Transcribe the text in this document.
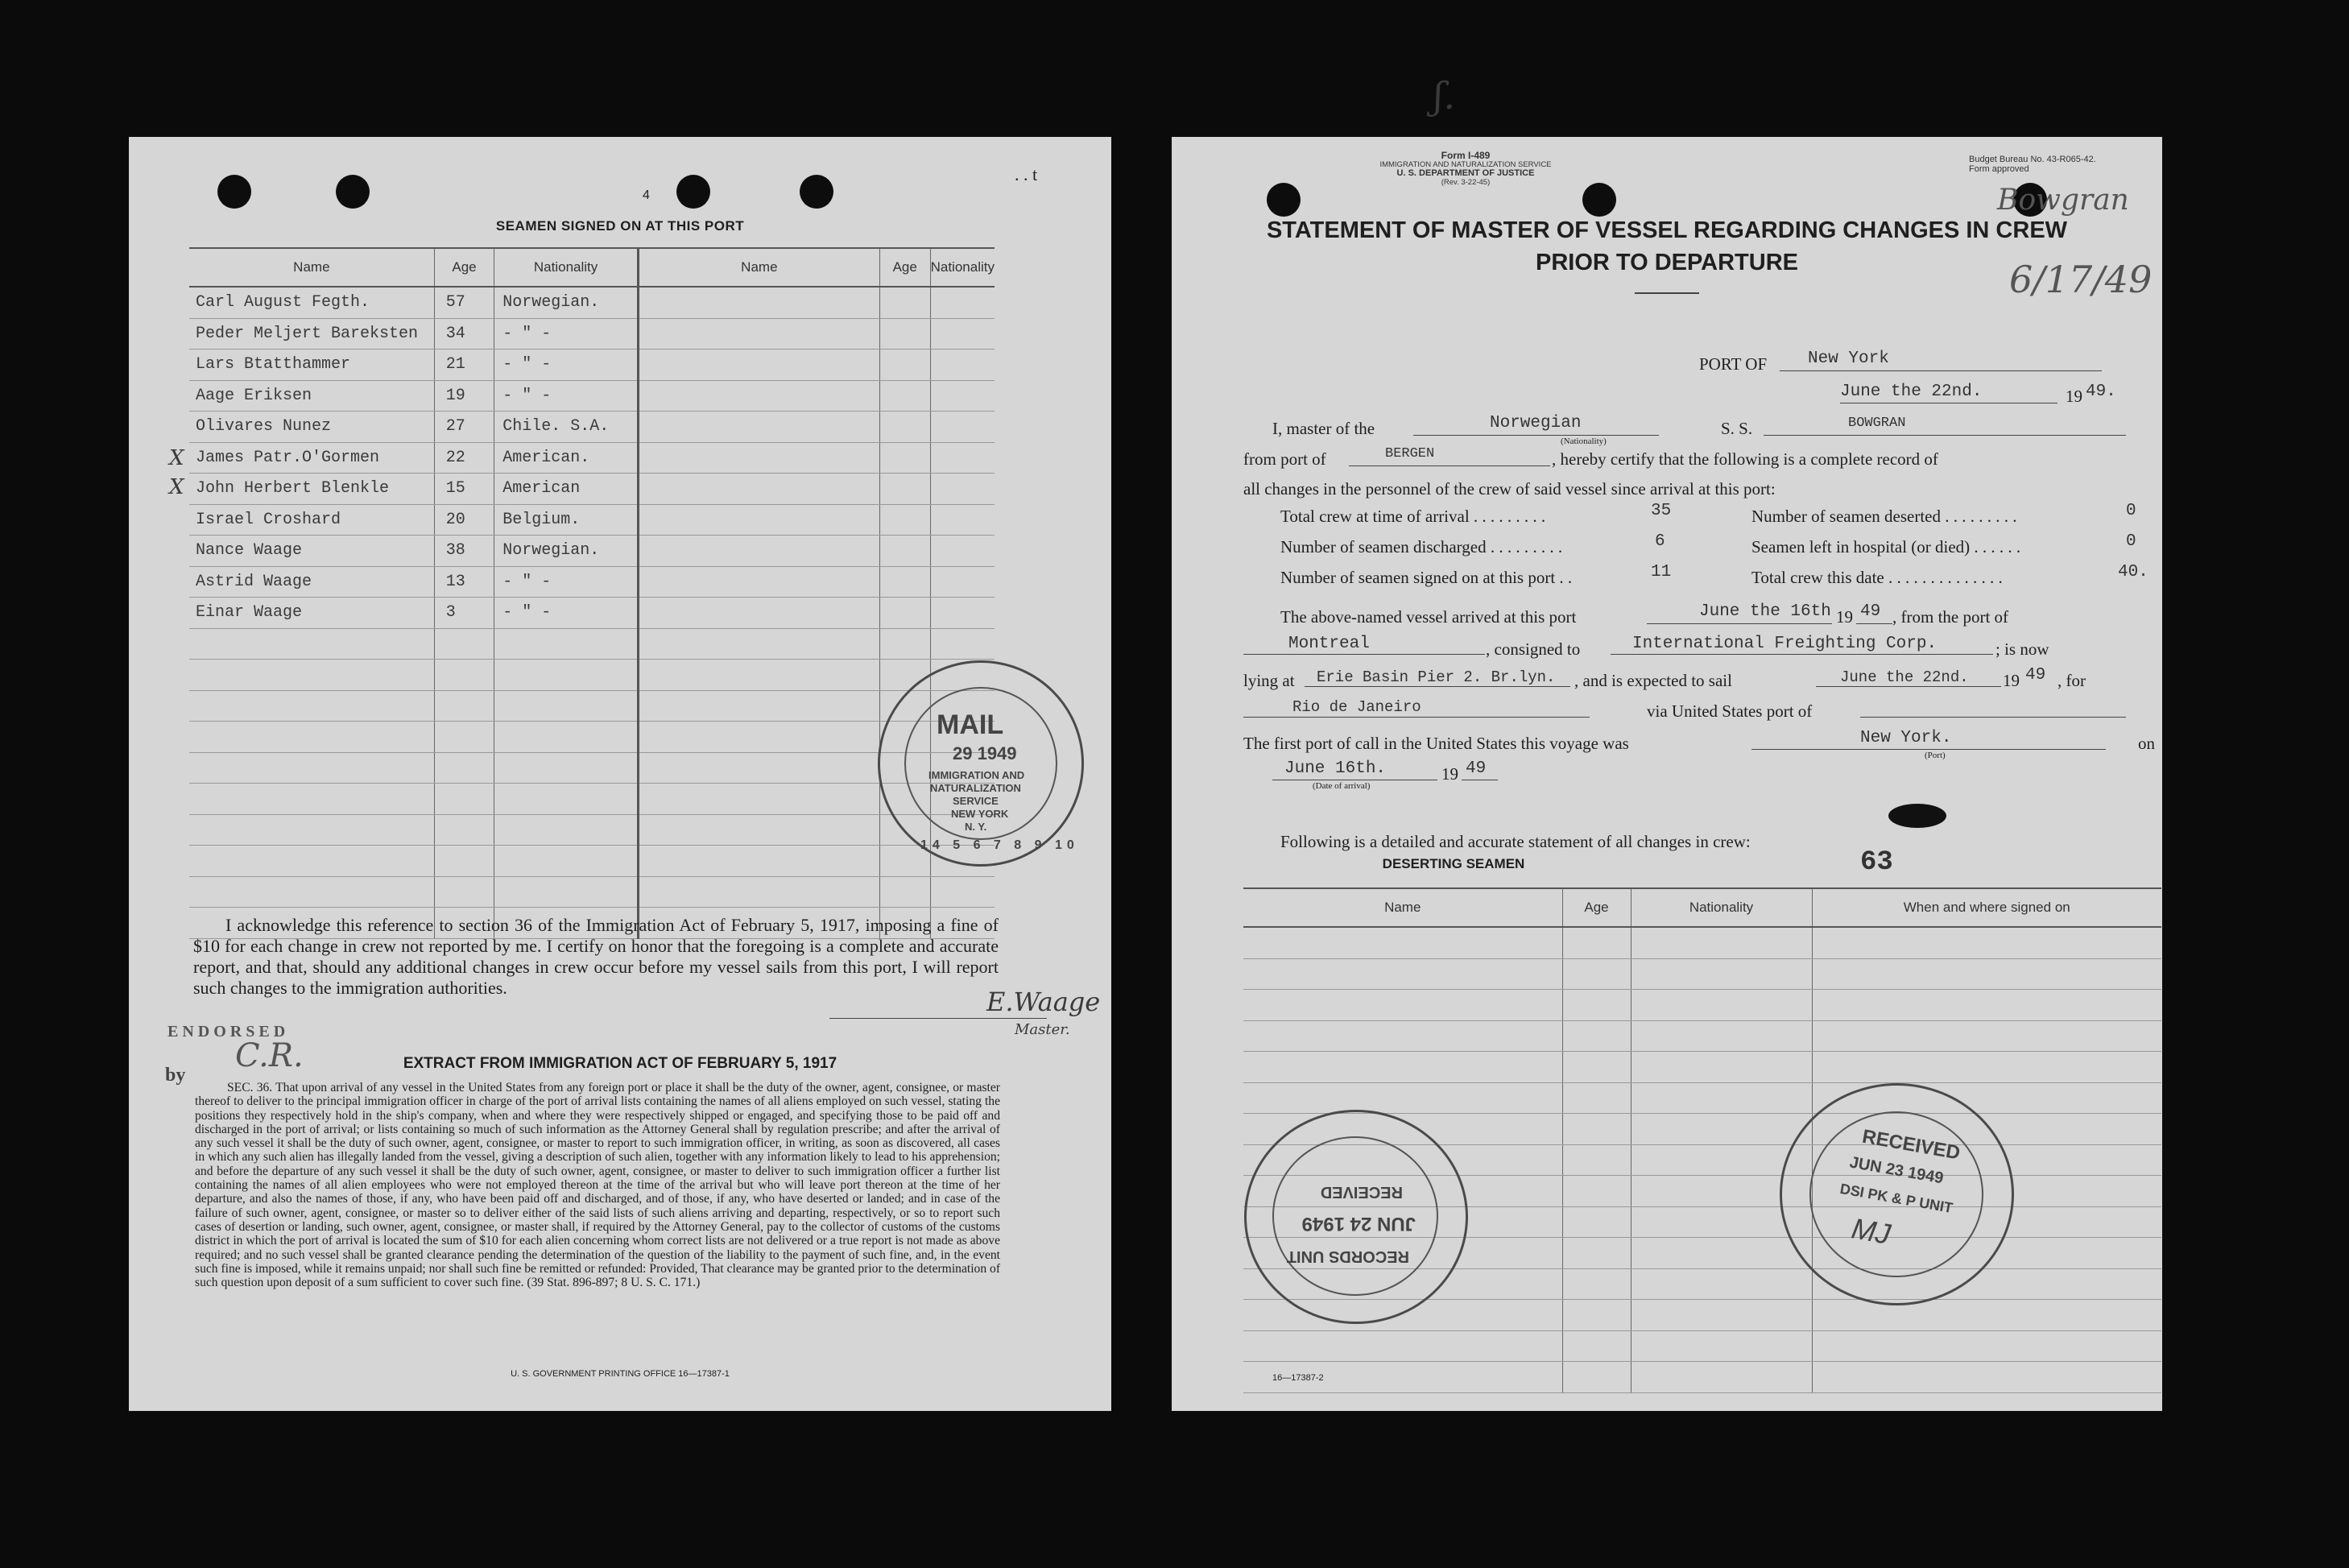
ʃ.
4
. . t
SEAMEN SIGNED ON AT THIS PORT
Name	Age	Nationality	Name	Age	Nationality
Carl August Fegth.	57	Norwegian.			
Peder Meljert Bareksten	34	- " -			
Lars Btatthammer	21	- " -			
Aage Eriksen	19	- " -			
Olivares Nunez	27	Chile. S.A.			
James Patr.O'Gormen	22	American.			
John Herbert Blenkle	15	American			
Israel Croshard	20	Belgium.			
Nance Waage	38	Norwegian.			
Astrid Waage	13	- " -			
Einar Waage	3	- " -			

X
X
I acknowledge this reference to section 36 of the Immigration Act of February 5, 1917, imposing a fine of $10 for each change in crew not reported by me. I certify on honor that the foregoing is a complete and accurate report, and that, should any additional changes in crew occur before my vessel sails from this port, I will report such changes to the immigration authorities.	E.Waage
Master.
ENDORSED
by
C.R.	EXTRACT FROM IMMIGRATION ACT OF FEBRUARY 5, 1917
SEC. 36. That upon arrival of any vessel in the United States from any foreign port or place it shall be the duty of the owner, agent, consignee, or master thereof to deliver to the principal immigration officer in charge of the port of arrival lists containing the names of all aliens employed on such vessel, stating the positions they respectively hold in the ship's company, when and where they were respectively shipped or engaged, and specifying those to be paid off and discharged in the port of arrival; or lists containing so much of such information as the Attorney General shall by regulation prescribe; and after the arrival of any such vessel it shall be the duty of such owner, agent, consignee, or master to report to such immigration officer, in writing, as soon as discovered, all cases in which any such alien has illegally landed from the vessel, giving a description of such alien, together with any information likely to lead to his apprehension; and before the departure of any such vessel it shall be the duty of such owner, agent, consignee, or master to deliver to such immigration officer a further list containing the names of all alien employees who were not employed thereon at the time of the arrival but who will leave port thereon at the time of her departure, and also the names of those, if any, who have been paid off and discharged, and of those, if any, who have deserted or landed; and in case of the failure of such owner, agent, consignee, or master so to deliver either of the said lists of such aliens arriving and departing, respectively, or so to report such cases of desertion or landing, such owner, agent, consignee, or master shall, if required by the Attorney General, pay to the collector of customs of the customs district in which the port of arrival is located the sum of $10 for each alien concerning whom correct lists are not delivered or a true report is not made as above required; and no such vessel shall be granted clearance pending the determination of the question of the liability to the payment of such fine, and, in the event such fine is imposed, while it remains unpaid; nor shall such fine be remitted or refunded: Provided, That clearance may be granted prior to the determination of such question upon deposit of a sum sufficient to cover such fine. (39 Stat. 896-897; 8 U. S. C. 171.)
U. S. GOVERNMENT PRINTING OFFICE 16—17387-1
MAIL
29 1949
IMMIGRATION AND
NATURALIZATION
SERVICE
NEW YORK
N. Y.
14 5 6 7 8 9 10
Form I-489
IMMIGRATION AND NATURALIZATION SERVICE
U. S. DEPARTMENT OF JUSTICE
(Rev. 3-22-45)
Budget Bureau No. 43-R065-42.
Form approved
Bowgran
6/17/49
STATEMENT OF MASTER OF VESSEL REGARDING CHANGES IN CREW
PRIOR TO DEPARTURE
PORT OF New York
June the 22nd.	19 49.
I, master of the	Norwegian
(Nationality)
S. S.	BOWGRAN
from port of	BERGEN	, hereby certify that the following is a complete record of
all changes in the personnel of the crew of said vessel since arrival at this port:
The above-named vessel arrived at this port	June the 16th 19 49 , from the port of
Montreal	, consigned to	International Freighting Corp.	; is now
lying at Erie Basin Pier 2. Br.lyn. , and is expected to sail	June the 22nd. 19 49 , for
Rio de Janeiro	via United States port of
The first port of call in the United States this voyage was	New York.
(Port)
on
June 16th.
(Date of arrival)
19 49
Following is a detailed and accurate statement of all changes in crew:
DESERTING SEAMEN	63
Name	Age	Nationality	When and where signed on

16—17387-2
RECORDS UNIT
JUN 24 1949
RECEIVED
RECEIVED
JUN 23 1949
DSI PK & P UNIT
MJ
Total crew at time of arrival . . . . . . . . .	35
Number of seamen discharged . . . . . . . . .	6
Number of seamen signed on at this port . .	11
Number of seamen deserted . . . . . . . . .	0
Seamen left in hospital (or died) . . . . . .	0
Total crew this date . . . . . . . . . . . . . .	40.
